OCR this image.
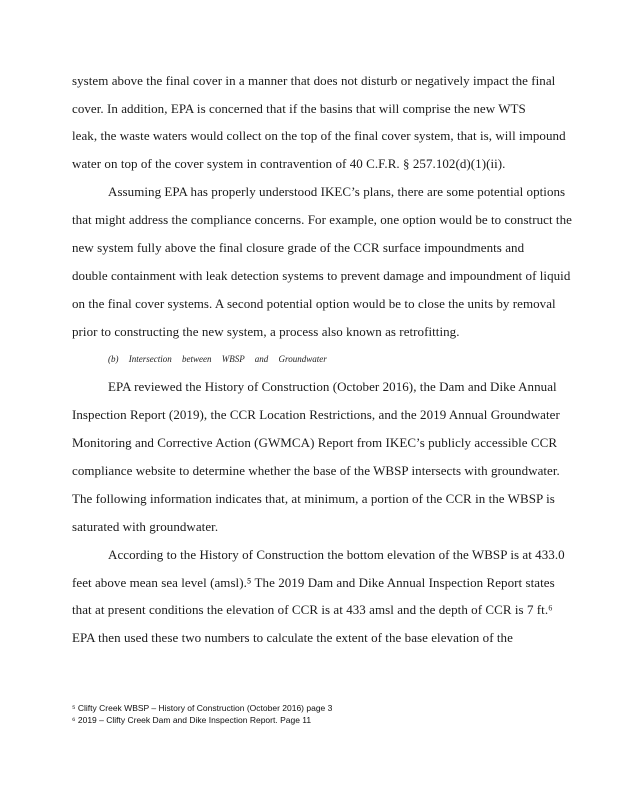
system above the final cover in a manner that does not disturb or negatively impact the final
cover. In addition, EPA is concerned that if the basins that will comprise the new WTS
leak, the waste waters would collect on the top of the final cover system, that is, will impound
water on top of the cover system in contravention of 40 C.F.R. § 257.102(d)(1)(ii).
Assuming EPA has properly understood IKEC’s plans, there are some potential options
that might address the compliance concerns. For example, one option would be to construct the
new system fully above the final closure grade of the CCR surface impoundments and
double containment with leak detection systems to prevent damage and impoundment of liquid
on the final cover systems. A second potential option would be to close the units by removal
prior to constructing the new system, a process also known as retrofitting.
(b) Intersection between WBSP and Groundwater
EPA reviewed the History of Construction (October 2016), the Dam and Dike Annual
Inspection Report (2019), the CCR Location Restrictions, and the 2019 Annual Groundwater
Monitoring and Corrective Action (GWMCA) Report from IKEC’s publicly accessible CCR
compliance website to determine whether the base of the WBSP intersects with groundwater.
The following information indicates that, at minimum, a portion of the CCR in the WBSP is
saturated with groundwater.
According to the History of Construction the bottom elevation of the WBSP is at 433.0
feet above mean sea level (amsl).⁵ The 2019 Dam and Dike Annual Inspection Report states
that at present conditions the elevation of CCR is at 433 amsl and the depth of CCR is 7 ft.⁶
EPA then used these two numbers to calculate the extent of the base elevation of the
⁵ Clifty Creek WBSP – History of Construction (October 2016) page 3
⁶ 2019 – Clifty Creek Dam and Dike Inspection Report. Page 11
